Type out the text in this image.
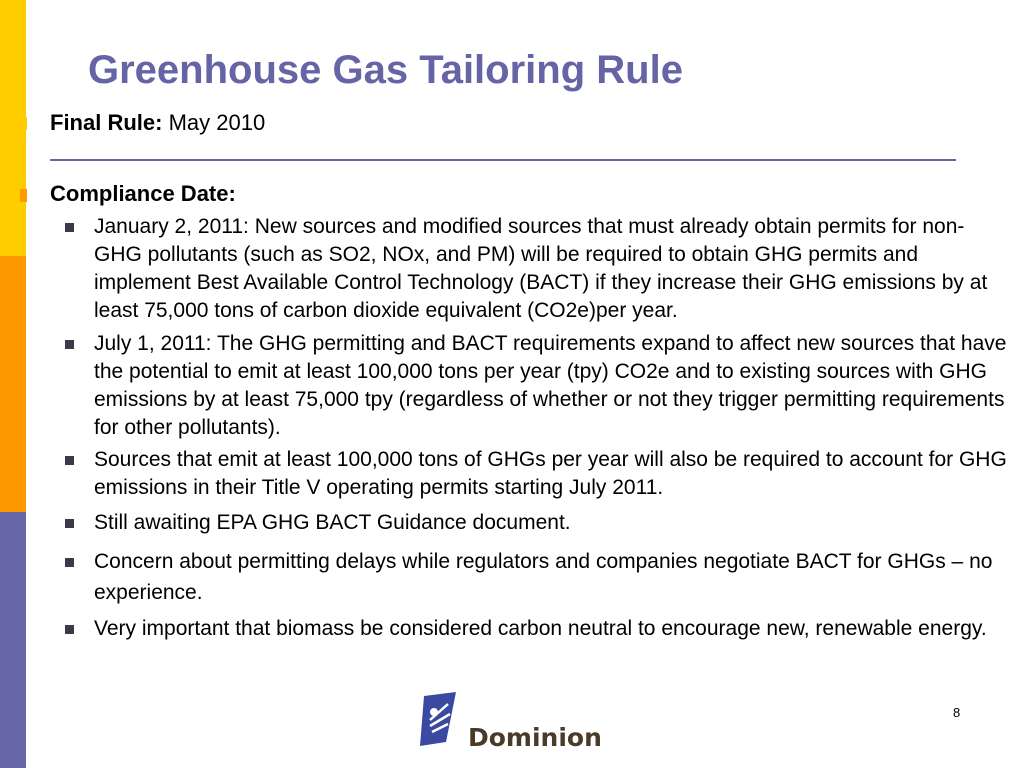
Greenhouse Gas Tailoring Rule
Final Rule: May 2010
Compliance Date:
January 2, 2011: New sources and modified sources that must already obtain permits for non-GHG pollutants (such as SO2, NOx, and PM) will be required to obtain GHG permits and implement Best Available Control Technology (BACT) if they increase their GHG emissions by at least 75,000 tons of carbon dioxide equivalent (CO2e)per year.
July 1, 2011: The GHG permitting and BACT requirements expand to affect new sources that have the potential to emit at least 100,000 tons per year (tpy) CO2e and to existing sources with GHG emissions by at least 75,000 tpy (regardless of whether or not they trigger permitting requirements for other pollutants).
Sources that emit at least 100,000 tons of GHGs per year will also be required to account for GHG emissions in their Title V operating permits starting July 2011.
Still awaiting EPA GHG BACT Guidance document.
Concern about permitting delays while regulators and companies negotiate BACT for GHGs – no experience.
Very important that biomass be considered carbon neutral to encourage new, renewable energy.
Dominion
8
